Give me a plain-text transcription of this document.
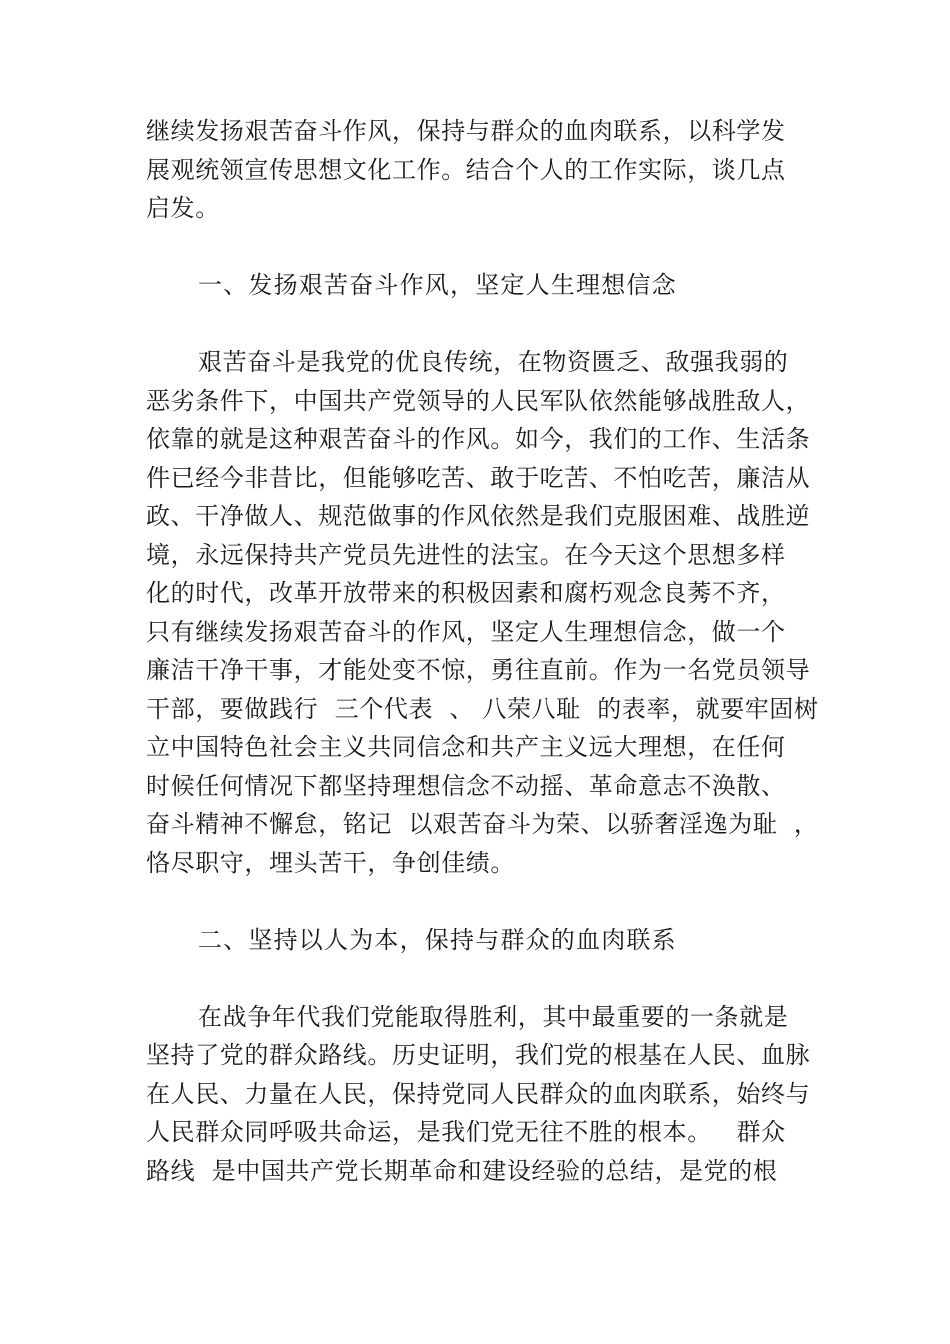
继续发扬艰苦奋斗作风，保持与群众的血肉联系，以科学发
展观统领宣传思想文化工作。结合个人的工作实际，谈几点
启发。
一、发扬艰苦奋斗作风，坚定人生理想信念
艰苦奋斗是我党的优良传统，在物资匮乏、敌强我弱的
恶劣条件下，中国共产党领导的人民军队依然能够战胜敌人，
依靠的就是这种艰苦奋斗的作风。如今，我们的工作、生活条
件已经今非昔比，但能够吃苦、敢于吃苦、不怕吃苦，廉洁从
政、干净做人、规范做事的作风依然是我们克服困难、战胜逆
境，永远保持共产党员先进性的法宝。在今天这个思想多样
化的时代，改革开放带来的积极因素和腐朽观念良莠不齐，
只有继续发扬艰苦奋斗的作风，坚定人生理想信念，做一个
廉洁干净干事，才能处变不惊，勇往直前。作为一名党员领导
干部，要做践行  三个代表  、 八荣八耻  的表率，就要牢固树
立中国特色社会主义共同信念和共产主义远大理想，在任何
时候任何情况下都坚持理想信念不动摇、革命意志不涣散、
奋斗精神不懈怠，铭记  以艰苦奋斗为荣、以骄奢淫逸为耻  ，
恪尽职守，埋头苦干，争创佳绩。
二、坚持以人为本，保持与群众的血肉联系
在战争年代我们党能取得胜利，其中最重要的一条就是
坚持了党的群众路线。历史证明，我们党的根基在人民、血脉
在人民、力量在人民，保持党同人民群众的血肉联系，始终与
人民群众同呼吸共命运，是我们党无往不胜的根本。   群众
路线  是中国共产党长期革命和建设经验的总结，是党的根
